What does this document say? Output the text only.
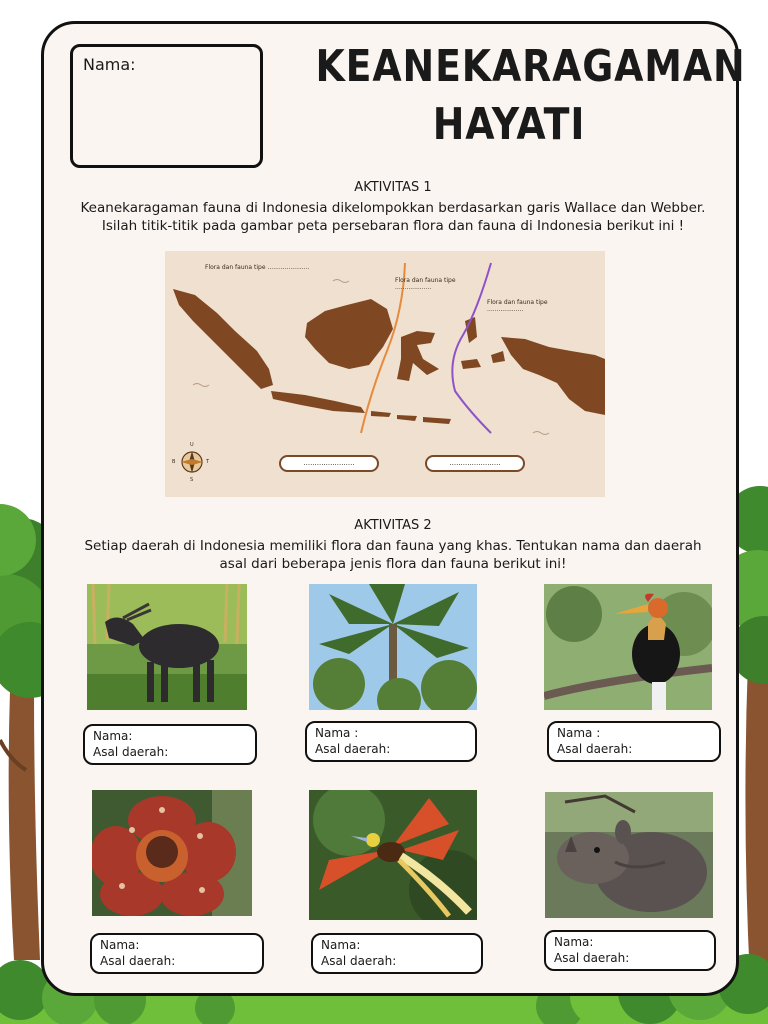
Nama:	KEANEKARAGAMAN
HAYATI
AKTIVITAS 1
Keanekaragaman fauna di Indonesia dikelompokkan berdasarkan garis Wallace dan Webber.
Isilah titik-titik pada gambar peta persebaran flora dan fauna di Indonesia berikut ini !
Flora dan fauna tipe ......................
Flora dan fauna tipe
...................
Flora dan fauna tipe
...................
.......................	.......................
U
T
S
B
AKTIVITAS 2
Setiap daerah di Indonesia memiliki flora dan fauna yang khas. Tentukan nama dan daerah
asal dari beberapa jenis flora dan fauna berikut ini!
Nama:
Asal daerah:
Nama :
Asal daerah:
Nama :
Asal daerah:
Nama:
Asal daerah:
Nama:
Asal daerah:
Nama:
Asal daerah:
